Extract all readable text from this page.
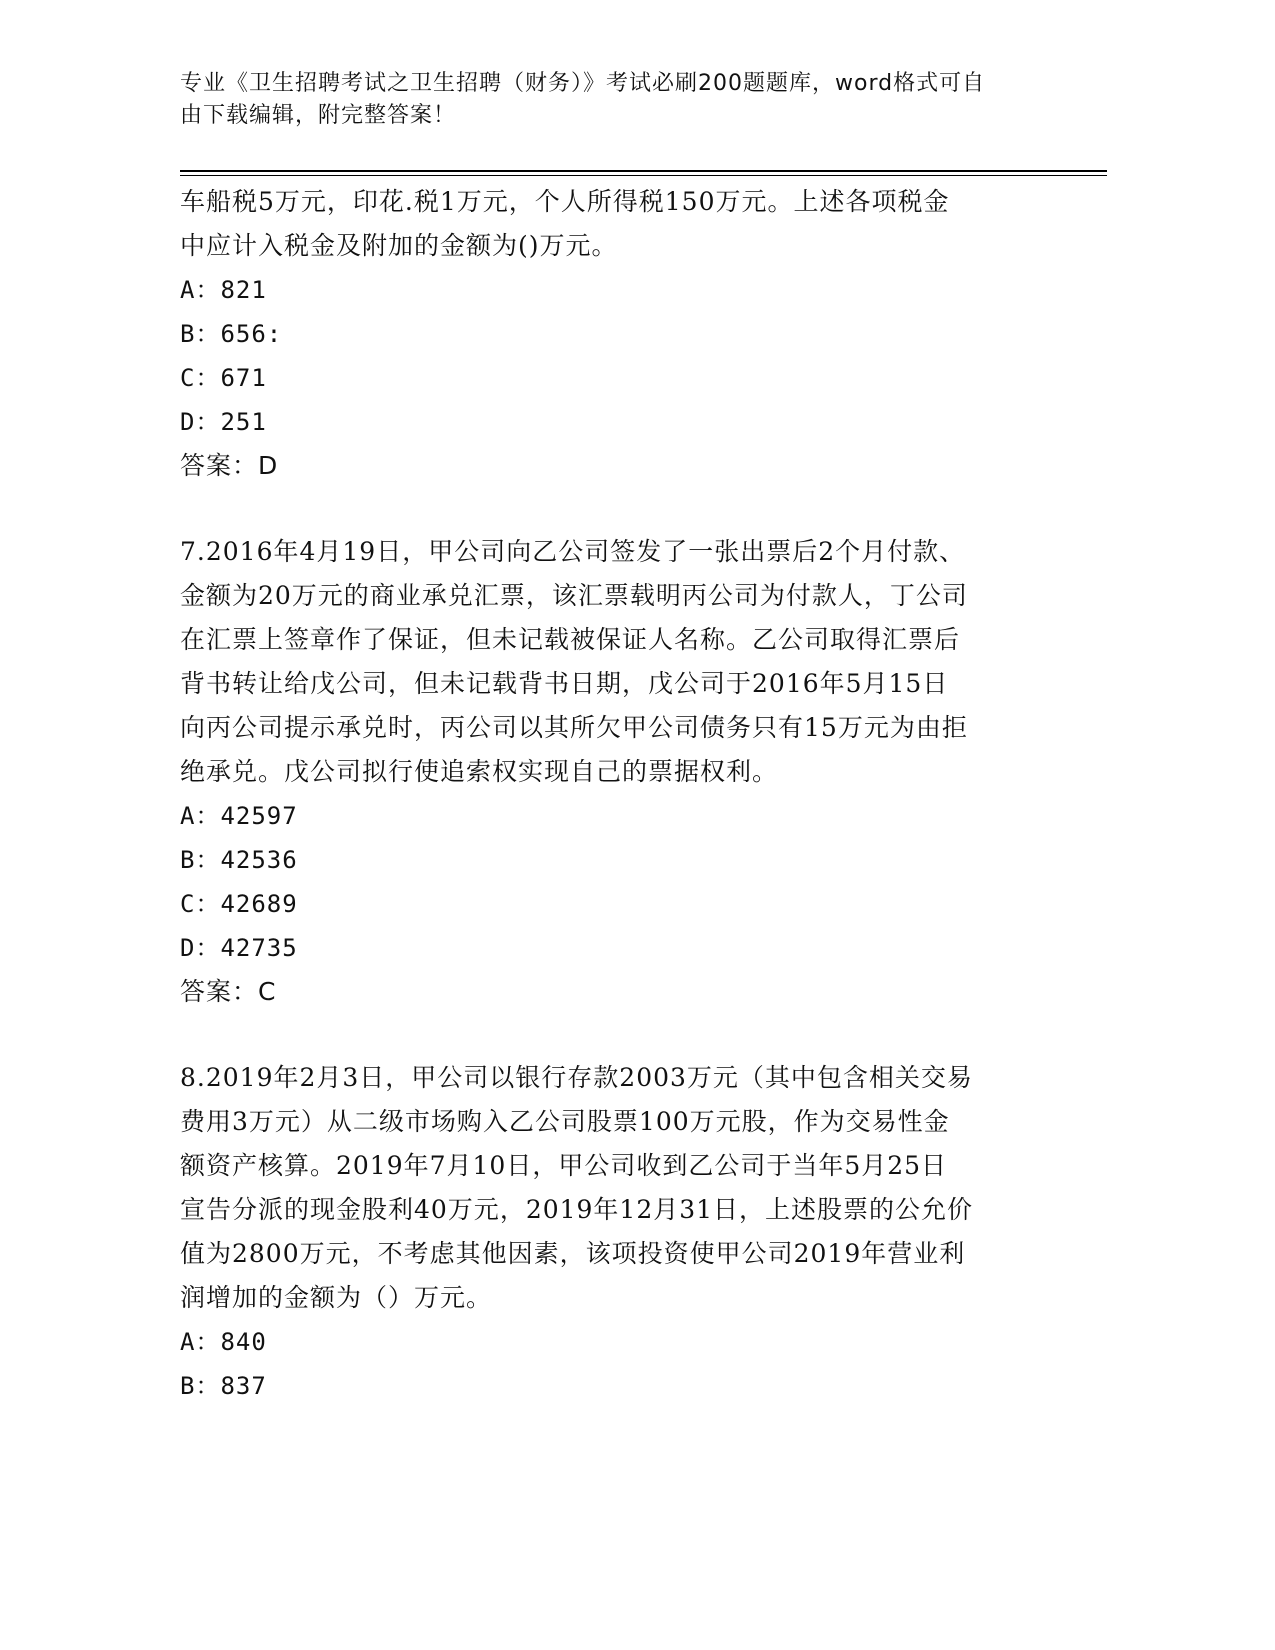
专业《卫生招聘考试之卫生招聘（财务）》考试必刷200题题库，word格式可自
由下载编辑，附完整答案！

车船税5万元，印花.税1万元，个人所得税150万元。上述各项税金

中应计入税金及附加的金额为()万元。

A：821

B：656:

C：671

D：251

答案：D

7.2016年4月19日，甲公司向乙公司签发了一张出票后2个月付款、

金额为20万元的商业承兑汇票，该汇票载明丙公司为付款人，丁公司

在汇票上签章作了保证，但未记载被保证人名称。乙公司取得汇票后

背书转让给戊公司，但未记载背书日期，戊公司于2016年5月15日

向丙公司提示承兑时，丙公司以其所欠甲公司债务只有15万元为由拒

绝承兑。戊公司拟行使追索权实现自己的票据权利。

A：42597

B：42536

C：42689

D：42735

答案：C

8.2019年2月3日，甲公司以银行存款2003万元（其中包含相关交易

费用3万元）从二级市场购入乙公司股票100万元股，作为交易性金

额资产核算。2019年7月10日，甲公司收到乙公司于当年5月25日

宣告分派的现金股利40万元，2019年12月31日，上述股票的公允价

值为2800万元，不考虑其他因素，该项投资使甲公司2019年营业利

润增加的金额为（）万元。

A：840

B：837
